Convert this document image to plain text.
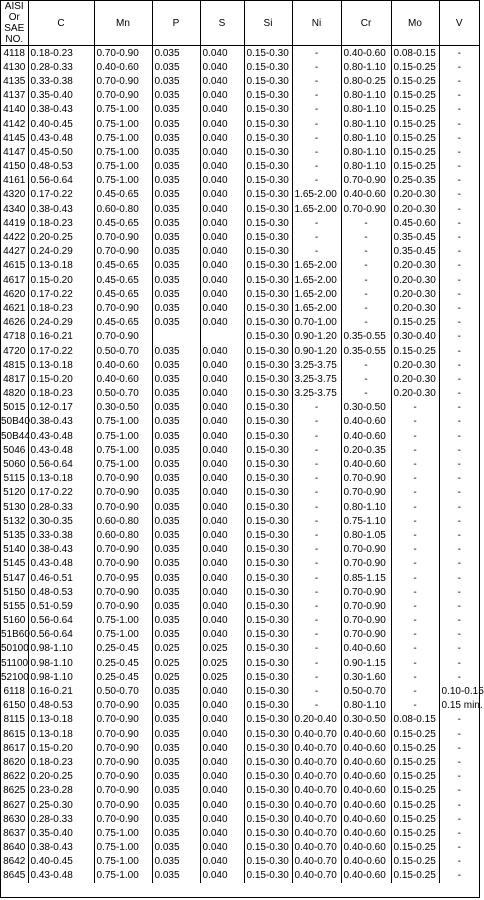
AISI Or SAE NO.	C	Mn	P	S	Si	Ni	Cr	Mo	V
4118	0.18-0.23	0.70-0.90	0.035	0.040	0.15-0.30	-	0.40-0.60	0.08-0.15	-
4130	0.28-0.33	0.40-0.60	0.035	0.040	0.15-0.30	-	0.80-1.10	0.15-0.25	-
4135	0.33-0.38	0.70-0.90	0.035	0.040	0.15-0.30	-	0.80-0.25	0.15-0.25	-
4137	0.35-0.40	0.70-0.90	0.035	0.040	0.15-0.30	-	0.80-1.10	0.15-0.25	-
4140	0.38-0.43	0.75-1.00	0.035	0.040	0.15-0.30	-	0.80-1.10	0.15-0.25	-
4142	0.40-0.45	0.75-1.00	0.035	0.040	0.15-0.30	-	0.80-1.10	0.15-0.25	-
4145	0.43-0.48	0.75-1.00	0.035	0.040	0.15-0.30	-	0.80-1.10	0.15-0.25	-
4147	0.45-0.50	0.75-1.00	0.035	0.040	0.15-0.30	-	0.80-1.10	0.15-0.25	-
4150	0.48-0.53	0.75-1.00	0.035	0.040	0.15-0.30	-	0.80-1.10	0.15-0.25	-
4161	0.56-0.64	0.75-1.00	0.035	0.040	0.15-0.30	-	0.70-0.90	0.25-0.35	-
4320	0.17-0.22	0.45-0.65	0.035	0.040	0.15-0.30	1.65-2.00	0.40-0.60	0.20-0.30	-
4340	0.38-0.43	0.60-0.80	0.035	0.040	0.15-0.30	1.65-2.00	0.70-0.90	0.20-0.30	-
4419	0.18-0.23	0.45-0.65	0.035	0.040	0.15-0.30	-	-	0.45-0.60	-
4422	0.20-0.25	0.70-0.90	0.035	0.040	0.15-0.30	-	-	0.35-0.45	-
4427	0.24-0.29	0.70-0.90	0.035	0.040	0.15-0.30	-	-	0.35-0.45	-
4615	0.13-0.18	0.45-0.65	0.035	0.040	0.15-0.30	1.65-2.00	-	0.20-0.30	-
4617	0.15-0.20	0.45-0.65	0.035	0.040	0.15-0.30	1.65-2.00	-	0.20-0.30	-
4620	0.17-0.22	0.45-0.65	0.035	0.040	0.15-0.30	1.65-2.00	-	0.20-0.30	-
4621	0.18-0.23	0.70-0.90	0.035	0.040	0.15-0.30	1.65-2.00	-	0.20-0.30	-
4626	0.24-0.29	0.45-0.65	0.035	0.040	0.15-0.30	0.70-1.00	-	0.15-0.25	-
4718	0.16-0.21	0.70-0.90			0.15-0.30	0.90-1.20	0.35-0.55	0.30-0.40	-
4720	0.17-0.22	0.50-0.70	0.035	0.040	0.15-0.30	0.90-1.20	0.35-0.55	0.15-0.25	-
4815	0.13-0.18	0.40-0.60	0.035	0.040	0.15-0.30	3.25-3.75	-	0.20-0.30	-
4817	0.15-0.20	0.40-0.60	0.035	0.040	0.15-0.30	3.25-3.75	-	0.20-0.30	-
4820	0.18-0.23	0.50-0.70	0.035	0.040	0.15-0.30	3.25-3.75	-	0.20-0.30	-
5015	0.12-0.17	0.30-0.50	0.035	0.040	0.15-0.30	-	0.30-0.50	-	-
50B40	0.38-0.43	0.75-1.00	0.035	0.040	0.15-0.30	-	0.40-0.60	-	-
50B44	0.43-0.48	0.75-1.00	0.035	0.040	0.15-0.30	-	0.40-0.60	-	-
5046	0.43-0.48	0.75-1.00	0.035	0.040	0.15-0.30	-	0.20-0.35	-	-
5060	0.56-0.64	0.75-1.00	0.035	0.040	0.15-0.30	-	0.40-0.60	-	-
5115	0.13-0.18	0.70-0.90	0.035	0.040	0.15-0.30	-	0.70-0.90	-	-
5120	0.17-0.22	0.70-0.90	0.035	0.040	0.15-0.30	-	0.70-0.90	-	-
5130	0.28-0.33	0.70-0.90	0.035	0.040	0.15-0.30	-	0.80-1.10	-	-
5132	0.30-0.35	0.60-0.80	0.035	0.040	0.15-0.30	-	0.75-1.10	-	-
5135	0.33-0.38	0.60-0.80	0.035	0.040	0.15-0.30	-	0.80-1.05	-	-
5140	0.38-0.43	0.70-0.90	0.035	0.040	0.15-0.30	-	0.70-0.90	-	-
5145	0.43-0.48	0.70-0.90	0.035	0.040	0.15-0.30	-	0.70-0.90	-	-
5147	0.46-0.51	0.70-0.95	0.035	0.040	0.15-0.30	-	0.85-1.15	-	-
5150	0.48-0.53	0.70-0.90	0.035	0.040	0.15-0.30	-	0.70-0.90	-	-
5155	0.51-0.59	0.70-0.90	0.035	0.040	0.15-0.30	-	0.70-0.90	-	-
5160	0.56-0.64	0.75-1.00	0.035	0.040	0.15-0.30	-	0.70-0.90	-	-
51B60	0.56-0.64	0.75-1.00	0.035	0.040	0.15-0.30	-	0.70-0.90	-	-
50100	0.98-1.10	0.25-0.45	0.025	0.025	0.15-0.30	-	0.40-0.60	-	-
51100	0.98-1.10	0.25-0.45	0.025	0.025	0.15-0.30	-	0.90-1.15	-	-
52100	0.98-1.10	0.25-0.45	0.025	0.025	0.15-0.30	-	0.30-1.60	-	-
6118	0.16-0.21	0.50-0.70	0.035	0.040	0.15-0.30	-	0.50-0.70	-	0.10-0.15
6150	0.48-0.53	0.70-0.90	0.035	0.040	0.15-0.30	-	0.80-1.10	-	0.15 min.
8115	0.13-0.18	0.70-0.90	0.035	0.040	0.15-0.30	0.20-0.40	0.30-0.50	0.08-0.15	-
8615	0.13-0.18	0.70-0.90	0.035	0.040	0.15-0.30	0.40-0.70	0.40-0.60	0.15-0.25	-
8617	0.15-0.20	0.70-0.90	0.035	0.040	0.15-0.30	0.40-0.70	0.40-0.60	0.15-0.25	-
8620	0.18-0.23	0.70-0.90	0.035	0.040	0.15-0.30	0.40-0.70	0.40-0.60	0.15-0.25	-
8622	0.20-0.25	0.70-0.90	0.035	0.040	0.15-0.30	0.40-0.70	0.40-0.60	0.15-0.25	-
8625	0.23-0.28	0.70-0.90	0.035	0.040	0.15-0.30	0.40-0.70	0.40-0.60	0.15-0.25	-
8627	0.25-0.30	0.70-0.90	0.035	0.040	0.15-0.30	0.40-0.70	0.40-0.60	0.15-0.25	-
8630	0.28-0.33	0.70-0.90	0.035	0.040	0.15-0.30	0.40-0.70	0.40-0.60	0.15-0.25	-
8637	0.35-0.40	0.75-1.00	0.035	0.040	0.15-0.30	0.40-0.70	0.40-0.60	0.15-0.25	-
8640	0.38-0.43	0.75-1.00	0.035	0.040	0.15-0.30	0.40-0.70	0.40-0.60	0.15-0.25	-
8642	0.40-0.45	0.75-1.00	0.035	0.040	0.15-0.30	0.40-0.70	0.40-0.60	0.15-0.25	-
8645	0.43-0.48	0.75-1.00	0.035	0.040	0.15-0.30	0.40-0.70	0.40-0.60	0.15-0.25	-
